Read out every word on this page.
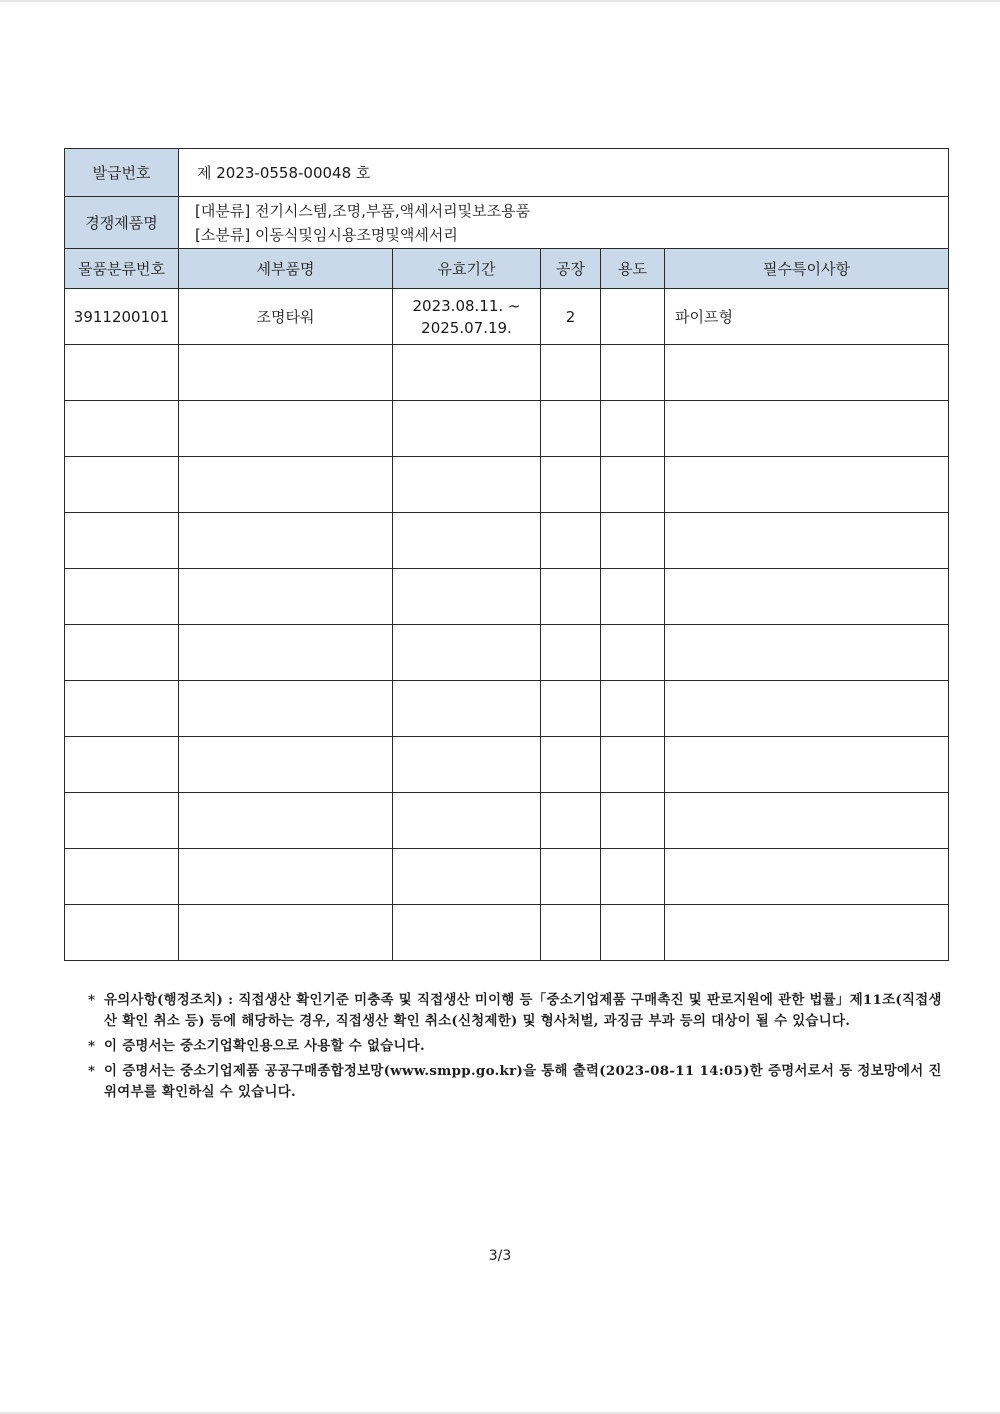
발급번호	제 2023-0558-00048 호				
경쟁제품명	[대분류] 전기시스템,조명,부품,액세서리및보조용품
[소분류] 이동식및임시용조명및액세서리				

물품분류번호	세부품명	유효기간	공장	용도	필수특이사항
3911200101	조명타워	2023.08.11. ~
2025.07.19.	2		파이프형

* 유의사항(행정조치) : 직접생산 확인기준 미충족 및 직접생산 미이행 등「중소기업제품 구매촉진 및 판로지원에 관한 법률」제11조(직접생산 확인 취소 등) 등에 해당하는 경우, 직접생산 확인 취소(신청제한) 및 형사처벌, 과징금 부과 등의 대상이 될 수 있습니다.
* 이 증명서는 중소기업확인용으로 사용할 수 없습니다.
* 이 증명서는 중소기업제품 공공구매종합정보망(www.smpp.go.kr)을 통해 출력(2023-08-11 14:05)한 증명서로서 동 정보망에서 진위여부를 확인하실 수 있습니다.
3/3
